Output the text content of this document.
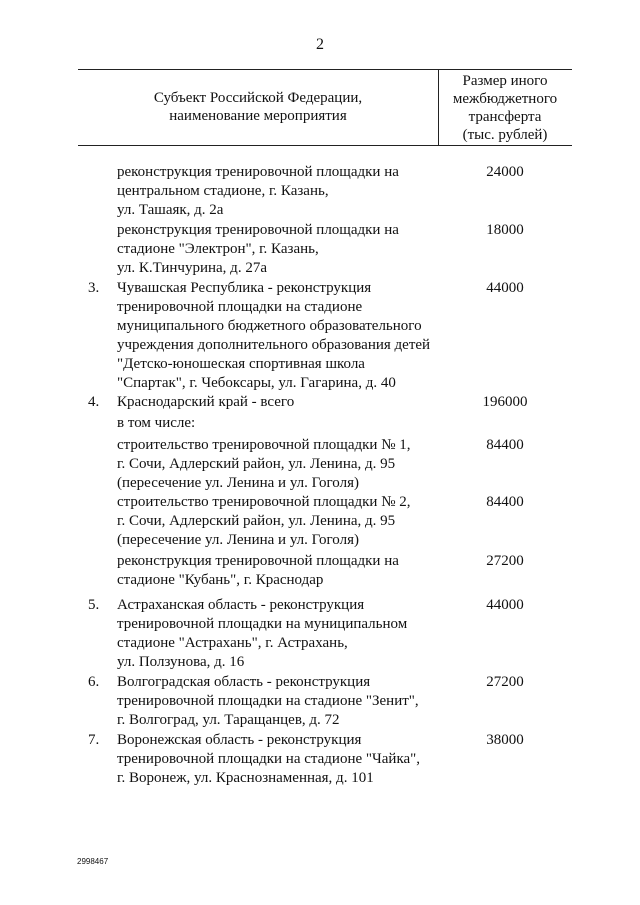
2
Субъект Российской Федерации,
наименование мероприятия
Размер иного
межбюджетного
трансферта
(тыс. рублей)
реконструкция тренировочной площадки на
центральном стадионе, г. Казань,
ул. Ташаяк, д. 2а
24000
реконструкция тренировочной площадки на
стадионе "Электрон", г. Казань,
ул. К.Тинчурина, д. 27а
18000
3. Чувашская Республика - реконструкция
тренировочной площадки на стадионе
муниципального бюджетного образовательного
учреждения дополнительного образования детей
"Детско-юношеская спортивная школа
"Спартак", г. Чебоксары, ул. Гагарина, д. 40
44000
4. Краснодарский край - всего	196000
в том числе:
строительство тренировочной площадки № 1,
г. Сочи, Адлерский район, ул. Ленина, д. 95
(пересечение ул. Ленина и ул. Гоголя)
84400
строительство тренировочной площадки № 2,
г. Сочи, Адлерский район, ул. Ленина, д. 95
(пересечение ул. Ленина и ул. Гоголя)
84400
реконструкция тренировочной площадки на
стадионе "Кубань", г. Краснодар
27200
5. Астраханская область - реконструкция
тренировочной площадки на муниципальном
стадионе "Астрахань", г. Астрахань,
ул. Ползунова, д. 16
44000
6. Волгоградская область - реконструкция
тренировочной площадки на стадионе "Зенит",
г. Волгоград, ул. Таращанцев, д. 72
27200
7. Воронежская область - реконструкция
тренировочной площадки на стадионе "Чайка",
г. Воронеж, ул. Краснознаменная, д. 101
38000
2998467
